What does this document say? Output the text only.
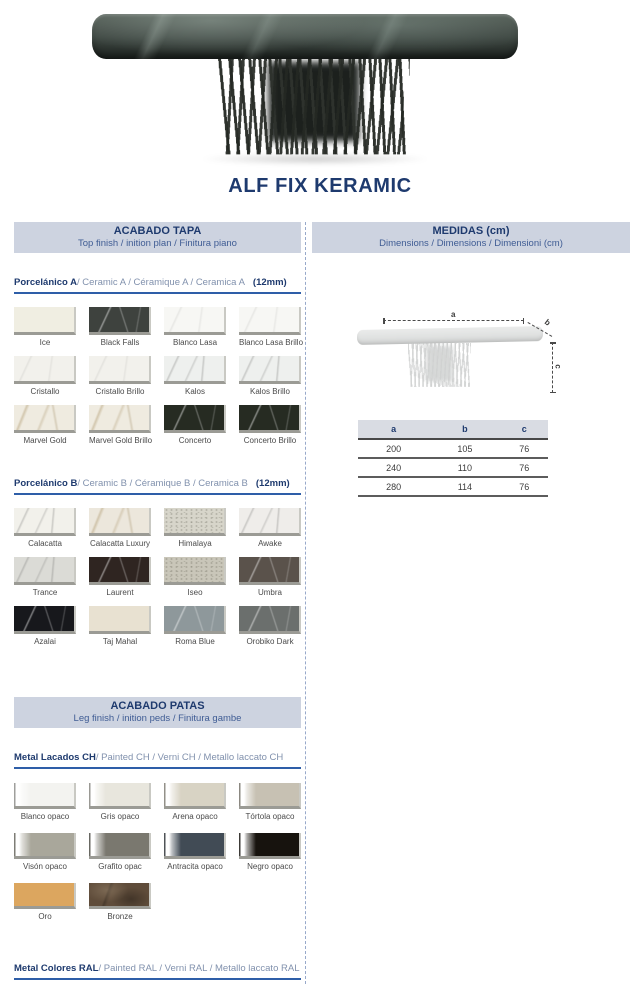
ALF FIX KERAMIC
ACABADO TAPA
Top finish / inition plan / Finitura piano
Porcelánico A / Ceramic A / Céramique A / Ceramica A (12mm)
Ice	Black Falls	Blanco Lasa	Blanco Lasa Brillo
Cristallo	Cristallo Brillo	Kalos	Kalos Brillo
Marvel Gold	Marvel Gold Brillo	Concerto	Concerto Brillo
Porcelánico B / Ceramic B / Céramique B / Ceramica B (12mm)
Calacatta	Calacatta Luxury	Himalaya	Awake
Trance	Laurent	Iseo	Umbra
Azalai	Taj Mahal	Roma Blue	Orobiko Dark
ACABADO PATAS
Leg finish / inition peds / Finitura gambe
Metal Lacados CH / Painted CH / Verni CH / Metallo laccato CH
Blanco opaco	Gris opaco	Arena opaco	Tórtola opaco
Visón opaco	Grafito opac	Antracita opaco	Negro opaco
Oro	Bronze
Metal Colores RAL / Painted RAL / Verni RAL / Metallo laccato RAL
MEDIDAS (cm)
Dimensions / Dimensions / Dimensioni (cm)
a
b
c
a	b	c
200	105	76
240	110	76
280	114	76
